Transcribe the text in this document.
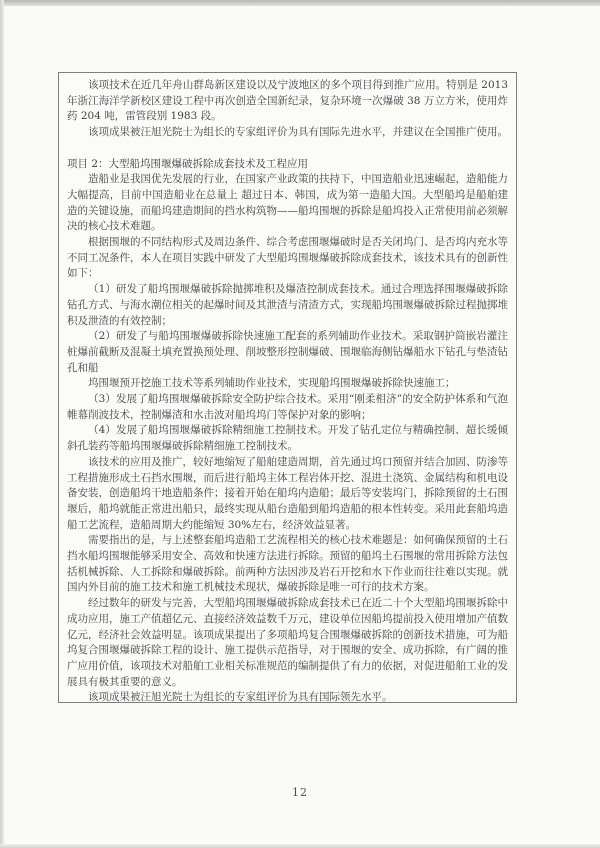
该项技术在近几年舟山群岛新区建设以及宁波地区的多个项目得到推广应用。特别是 2013 年浙江海洋学新校区建设工程中再次创造全国新纪录，复杂环境一次爆破 38 万立方米，使用炸药 204 吨，雷管段别 1983 段。

该项成果被汪旭光院士为组长的专家组评价为具有国际先进水平，并建议在全国推广使用。

项目 2：大型船坞围堰爆破拆除成套技术及工程应用

造船业是我国优先发展的行业，在国家产业政策的扶持下，中国造船业迅速崛起，造船能力大幅提高，目前中国造船业在总量上 超过日本、韩国，成为第一造船大国。大型船坞是船舶建造的关键设施，而船坞建造期间的挡水构筑物——船坞围堰的拆除是船坞投入正常使用前必须解决的核心技术难题。

根据围堰的不同结构形式及周边条件、综合考虑围堰爆破时是否关闭坞门、是否坞内充水等不同工况条件，本人在项目实践中研发了大型船坞围堰爆破拆除成套技术，该技术具有的创新性如下：

（1）研发了船坞围堰爆破拆除抛掷堆积及爆渣控制成套技术。通过合理选择围堰爆破拆除钻孔方式、与海水潮位相关的起爆时间及其泄渣与清渣方式，实现船坞围堰爆破拆除过程抛掷堆积及泄渣的有效控制；

（2）研发了与船坞围堰爆破拆除快速施工配套的系列辅助作业技术。采取钢护筒嵌岩灌注桩爆前截断及混凝土填充置换预处理、削坡整形控制爆破、围堰临海侧钻爆船水下钻孔与垫渣钻孔和船

坞围堰预开挖施工技术等系列辅助作业技术，实现船坞围堰爆破拆除快速施工；

（3）发展了船坞围堰爆破拆除安全防护综合技术。采用“刚柔相济”的安全防护体系和气泡帷幕削波技术，控制爆渣和水击波对船坞坞门等保护对象的影响；

（4）发展了船坞围堰爆破拆除精细施工控制技术。开发了钻孔定位与精确控制、超长缓倾斜孔装药等船坞围堰爆破拆除精细施工控制技术。

该技术的应用及推广，较好地缩短了船舶建造周期，首先通过坞口预留并结合加固、防渗等工程措施形成土石挡水围堰，而后进行船坞主体工程岩体开挖、混进土浇筑、金属结构和机电设备安装，创造船坞干地造船条件；接着开始在船坞内造船；最后等安装坞门，拆除预留的土石围堰后，船坞就能正常进出船只，最终实现从船台造船到船坞造船的根本性转变。采用此套船坞造船工艺流程，造船周期大约能缩短 30%左右，经济效益显著。

需要指出的是，与上述整套船坞造船工艺流程相关的核心技术难题是：如何确保预留的土石挡水船坞围堰能够采用安全、高效和快速方法进行拆除。预留的船坞土石围堰的常用拆除方法包括机械拆除、人工拆除和爆破拆除。前两种方法因涉及岩石开挖和水下作业而往往难以实现。就国内外目前的施工技术和施工机械技术现状，爆破拆除是唯一可行的技术方案。

经过数年的研发与完善，大型船坞围堰爆破拆除成套技术已在近二十个大型船坞围堰拆除中成功应用，施工产值超亿元、直接经济效益数千万元，建设单位因船坞提前投入使用增加产值数亿元，经济社会效益明显。该项成果提出了多项船坞复合围堰爆破拆除的创新技术措施，可为船坞复合围堰爆破拆除工程的设计、施工提供示范指导，对于围堰的安全、成功拆除，有广阔的推广应用价值，该项技术对船舶工业相关标准规范的编制提供了有力的依据，对促进船舶工业的发展具有极其重要的意义。

该项成果被汪旭光院士为组长的专家组评价为具有国际领先水平。

12
